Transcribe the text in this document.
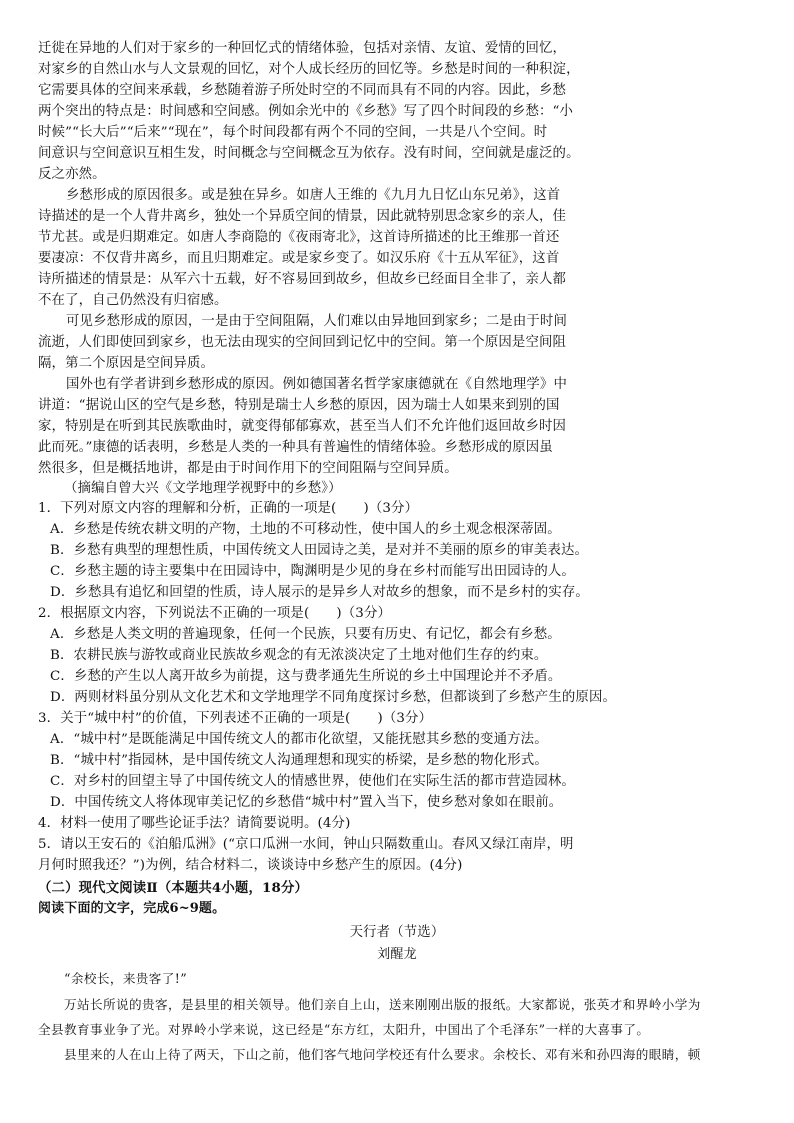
迁徙在异地的人们对于家乡的一种回忆式的情绪体验，包括对亲情、友谊、爱情的回忆，
对家乡的自然山水与人文景观的回忆，对个人成长经历的回忆等。乡愁是时间的一种积淀，
它需要具体的空间来承载，乡愁随着游子所处时空的不同而具有不同的内容。因此，乡愁
两个突出的特点是：时间感和空间感。例如余光中的《乡愁》写了四个时间段的乡愁：“小
时候”“长大后”“后来”“现在”，每个时间段都有两个不同的空间，一共是八个空间。时
间意识与空间意识互相生发，时间概念与空间概念互为依存。没有时间，空间就是虚泛的。
反之亦然。
乡愁形成的原因很多。或是独在异乡。如唐人王维的《九月九日忆山东兄弟》，这首
诗描述的是一个人背井离乡，独处一个异质空间的情景，因此就特别思念家乡的亲人，佳
节尤甚。或是归期难定。如唐人李商隐的《夜雨寄北》，这首诗所描述的比王维那一首还
要凄凉：不仅背井离乡，而且归期难定。或是家乡变了。如汉乐府《十五从军征》，这首
诗所描述的情景是：从军六十五载，好不容易回到故乡，但故乡已经面目全非了，亲人都
不在了，自己仍然没有归宿感。
可见乡愁形成的原因，一是由于空间阻隔，人们难以由异地回到家乡；二是由于时间
流逝，人们即使回到家乡，也无法由现实的空间回到记忆中的空间。第一个原因是空间阻
隔，第二个原因是空间异质。
国外也有学者讲到乡愁形成的原因。例如德国著名哲学家康德就在《自然地理学》中
讲道：“据说山区的空气是乡愁，特别是瑞士人乡愁的原因，因为瑞士人如果来到别的国
家，特别是在听到其民族歌曲时，就变得郁郁寡欢，甚至当人们不允许他们返回故乡时因
此而死。”康德的话表明，乡愁是人类的一种具有普遍性的情绪体验。乡愁形成的原因虽
然很多，但是概括地讲，都是由于时间作用下的空间阻隔与空间异质。
（摘编自曾大兴《文学地理学视野中的乡愁》）
1．下列对原文内容的理解和分析，正确的一项是(　　)（3分）
A．乡愁是传统农耕文明的产物，土地的不可移动性，使中国人的乡土观念根深蒂固。
B．乡愁有典型的理想性质，中国传统文人田园诗之美，是对并不美丽的原乡的审美表达。
C．乡愁主题的诗主要集中在田园诗中，陶渊明是少见的身在乡村而能写出田园诗的人。
D．乡愁具有追忆和回望的性质，诗人展示的是异乡人对故乡的想象，而不是乡村的实存。
2．根据原文内容，下列说法不正确的一项是(　　)（3分）
A．乡愁是人类文明的普遍现象，任何一个民族，只要有历史、有记忆，都会有乡愁。
B．农耕民族与游牧或商业民族故乡观念的有无浓淡决定了土地对他们生存的约束。
C．乡愁的产生以人离开故乡为前提，这与费孝通先生所说的乡土中国理论并不矛盾。
D．两则材料虽分别从文化艺术和文学地理学不同角度探讨乡愁，但都谈到了乡愁产生的原因。
3．关于“城中村”的价值，下列表述不正确的一项是(　　)（3分）
A．“城中村”是既能满足中国传统文人的都市化欲望，又能抚慰其乡愁的变通方法。
B．“城中村”指园林，是中国传统文人沟通理想和现实的桥梁，是乡愁的物化形式。
C．对乡村的回望主导了中国传统文人的情感世界，使他们在实际生活的都市营造园林。
D．中国传统文人将体现审美记忆的乡愁借“城中村”置入当下，使乡愁对象如在眼前。
4．材料一使用了哪些论证手法？请简要说明。(4分)
5．请以王安石的《泊船瓜洲》(“京口瓜洲一水间，钟山只隔数重山。春风又绿江南岸，明
月何时照我还？”)为例，结合材料二，谈谈诗中乡愁产生的原因。(4分)
（二）现代文阅读Ⅱ（本题共4小题，18分）
阅读下面的文字，完成6~9题。
天行者（节选）
刘醒龙
“余校长，来贵客了!”
万站长所说的贵客，是县里的相关领导。他们亲自上山，送来刚刚出版的报纸。大家都说，张英才和界岭小学为
全县教育事业争了光。对界岭小学来说，这已经是“东方红，太阳升，中国出了个毛泽东”一样的大喜事了。
县里来的人在山上待了两天，下山之前，他们客气地问学校还有什么要求。余校长、邓有米和孙四海的眼睛，顿
